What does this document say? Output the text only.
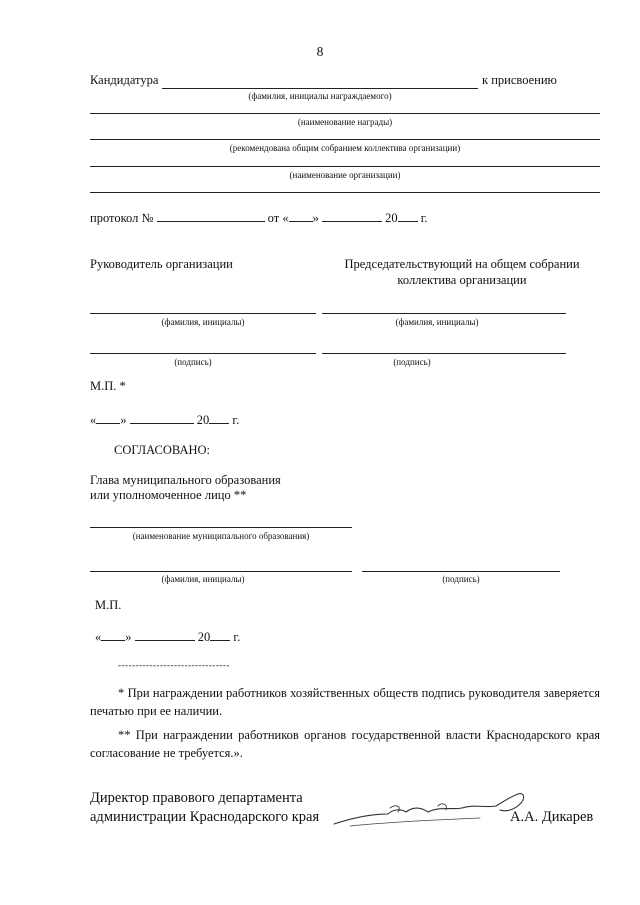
8
Кандидатура	к присвоению
(фамилия, инициалы награждаемого)
(наименование награды)
(рекомендована общим собранием коллектива организации)
(наименование организации)
протокол №	от « »	20 г.
Руководитель организации	Председательствующий на общем собрании
коллектива организации
(фамилия, инициалы)	(фамилия, инициалы)
(подпись)	(подпись)
М.П. *
« »	20 г.
СОГЛАСОВАНО:
Глава муниципального образования
или уполномоченное лицо **
(наименование муниципального образования)
(фамилия, инициалы)	(подпись)
М.П.
« »	20 г.
--------------------------------
* При награждении работников хозяйственных обществ подпись руководителя заверяется печатью при ее наличии.
** При награждении работников органов государственной власти Краснодарского края согласование не требуется.».
Директор правового департамента
администрации Краснодарского края	А.А. Дикарев
